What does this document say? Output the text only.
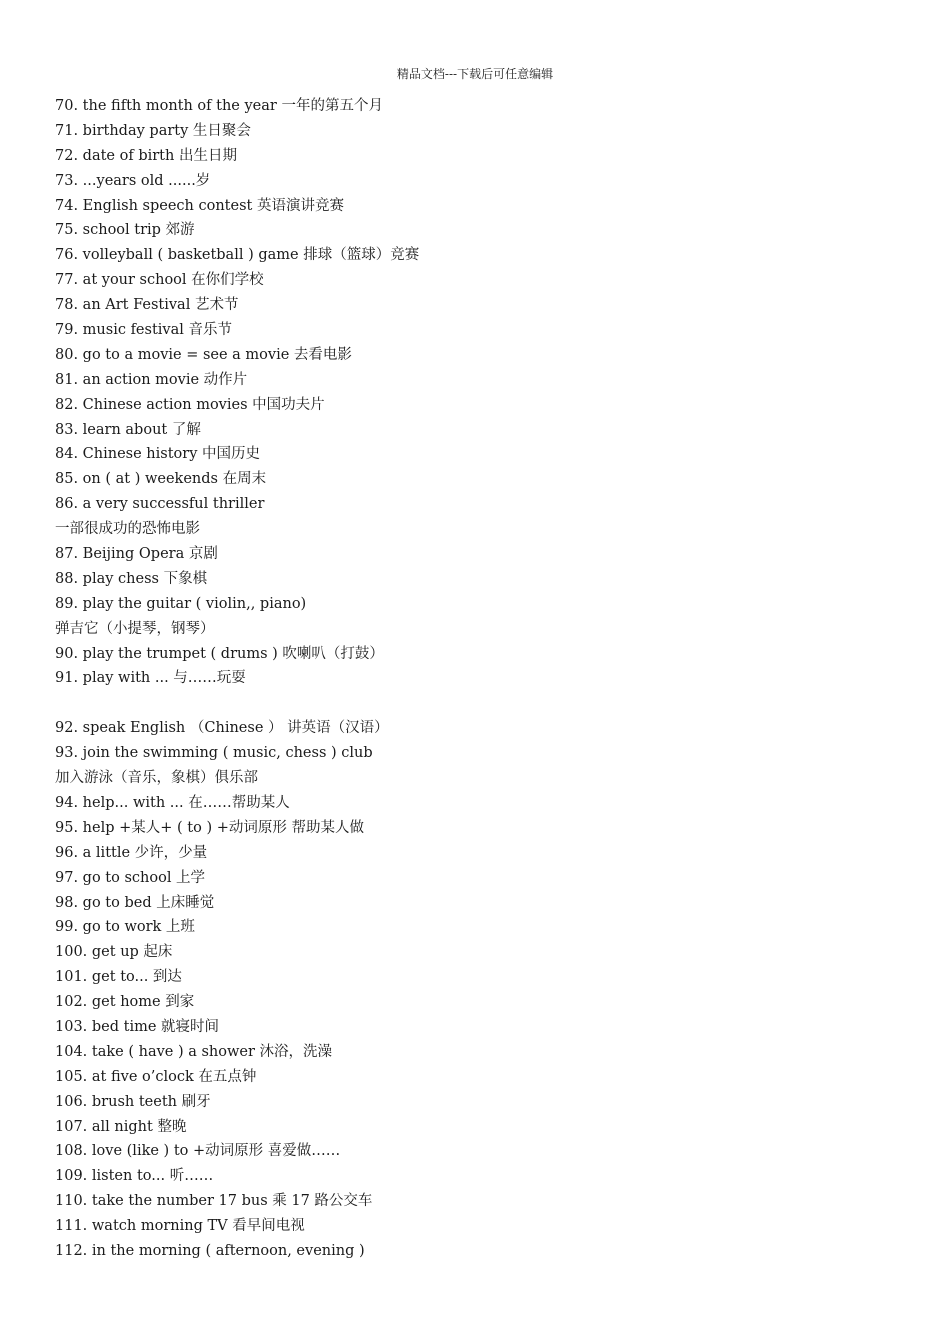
精品文档---下载后可任意编辑
70. the fifth month of the year 一年的第五个月
71. birthday party 生日聚会
72. date of birth 出生日期
73. ...years old ......岁
74. English speech contest 英语演讲竞赛
75. school trip 郊游
76. volleyball ( basketball ) game 排球（篮球）竞赛
77. at your school 在你们学校
78. an Art Festival 艺术节
79. music festival 音乐节
80. go to a movie = see a movie 去看电影
81. an action movie 动作片
82. Chinese action movies 中国功夫片
83. learn about 了解
84. Chinese history 中国历史
85. on ( at ) weekends 在周末
86. a very successful thriller
一部很成功的恐怖电影
87. Beijing Opera 京剧
88. play chess 下象棋
89. play the guitar ( violin,, piano)
弹吉它（小提琴，钢琴）
90. play the trumpet ( drums ) 吹喇叭（打鼓）
91. play with ... 与……玩耍
92. speak English （Chinese ） 讲英语（汉语）
93. join the swimming ( music, chess ) club
加入游泳（音乐，象棋）俱乐部
94. help... with ... 在……帮助某人
95. help +某人+ ( to ) +动词原形 帮助某人做
96. a little 少许，少量
97. go to school 上学
98. go to bed 上床睡觉
99. go to work 上班
100. get up 起床
101. get to... 到达
102. get home 到家
103. bed time 就寝时间
104. take ( have ) a shower 沐浴，洗澡
105. at five o’clock 在五点钟
106. brush teeth 刷牙
107. all night 整晚
108. love (like ) to +动词原形 喜爱做……
109. listen to... 听……
110. take the number 17 bus 乘 17 路公交车
111. watch morning TV 看早间电视
112. in the morning ( afternoon, evening )
